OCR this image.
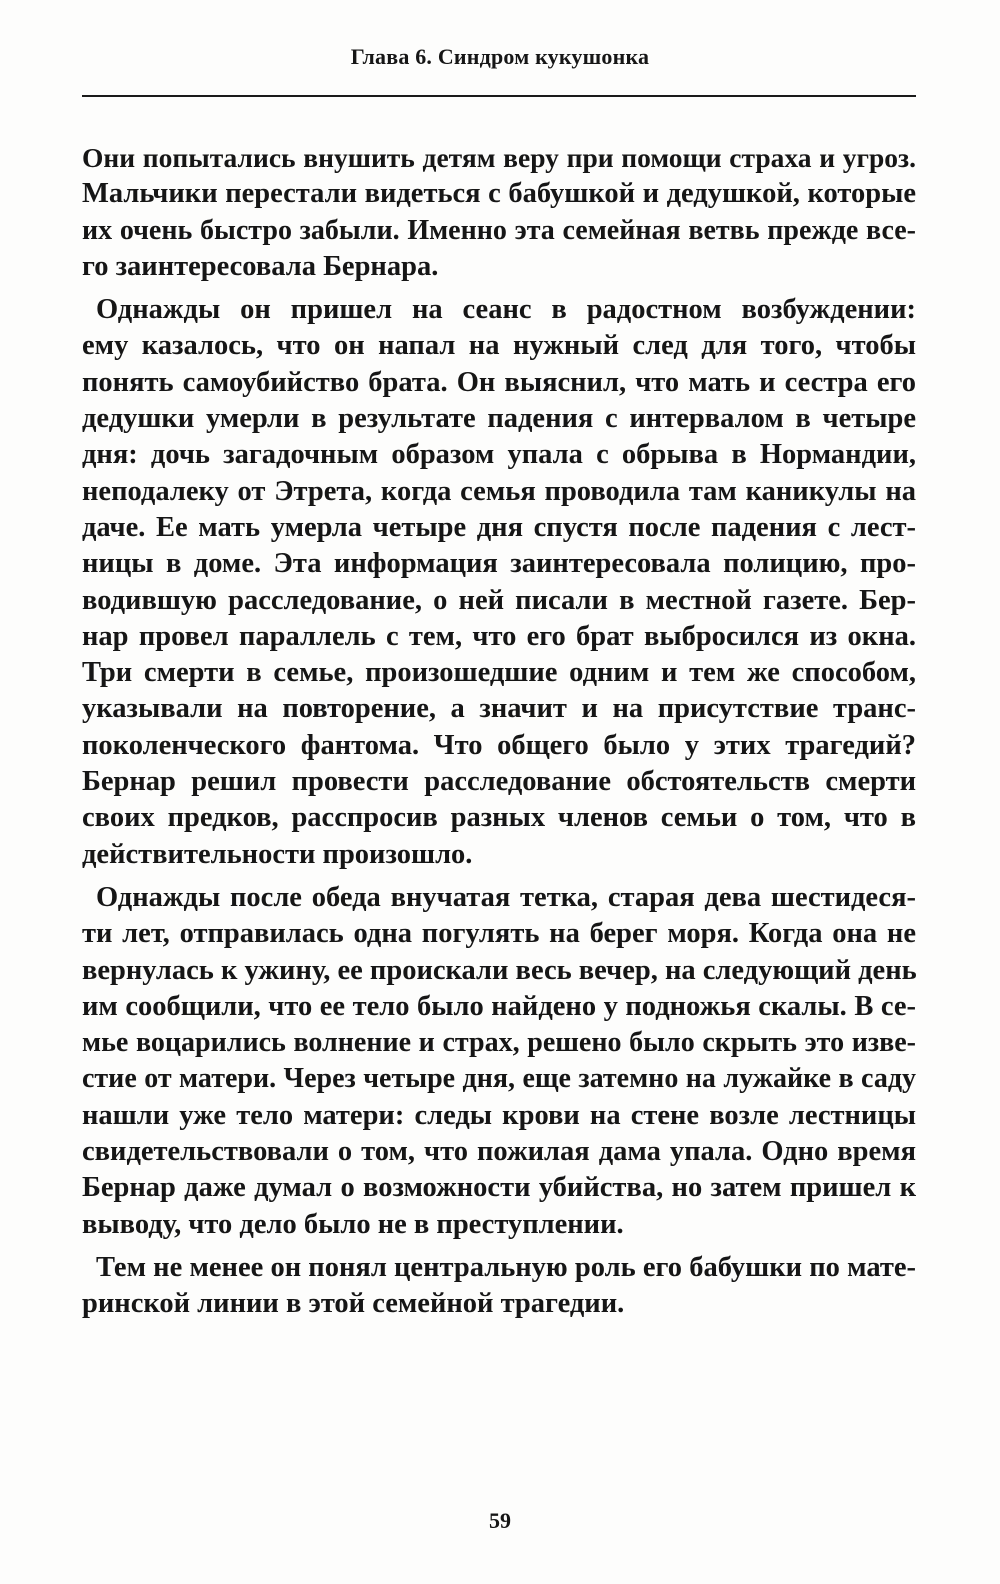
Глава 6. Синдром кукушонка
Они попытались внушить детям веру при помощи страха и угроз.
Мальчики перестали видеться с бабушкой и дедушкой, которые
их очень быстро забыли. Именно эта семейная ветвь прежде все-
го заинтересовала Бернара.
Однажды он пришел на сеанс в радостном возбуждении:
ему казалось, что он напал на нужный след для того, чтобы
понять самоубийство брата. Он выяснил, что мать и сестра его
дедушки умерли в результате падения с интервалом в четыре
дня: дочь загадочным образом упала с обрыва в Нормандии,
неподалеку от Этрета, когда семья проводила там каникулы на
даче. Ее мать умерла четыре дня спустя после падения с лест-
ницы в доме. Эта информация заинтересовала полицию, про-
водившую расследование, о ней писали в местной газете. Бер-
нар провел параллель с тем, что его брат выбросился из окна.
Три смерти в семье, произошедшие одним и тем же способом,
указывали на повторение, а значит и на присутствие транс-
поколенческого фантома. Что общего было у этих трагедий?
Бернар решил провести расследование обстоятельств смерти
своих предков, расспросив разных членов семьи о том, что в
действительности произошло.
Однажды после обеда внучатая тетка, старая дева шестидеся-
ти лет, отправилась одна погулять на берег моря. Когда она не
вернулась к ужину, ее проискали весь вечер, на следующий день
им сообщили, что ее тело было найдено у подножья скалы. В се-
мье воцарились волнение и страх, решено было скрыть это изве-
стие от матери. Через четыре дня, еще затемно на лужайке в саду
нашли уже тело матери: следы крови на стене возле лестницы
свидетельствовали о том, что пожилая дама упала. Одно время
Бернар даже думал о возможности убийства, но затем пришел к
выводу, что дело было не в преступлении.
Тем не менее он понял центральную роль его бабушки по мате-
ринской линии в этой семейной трагедии.
59
